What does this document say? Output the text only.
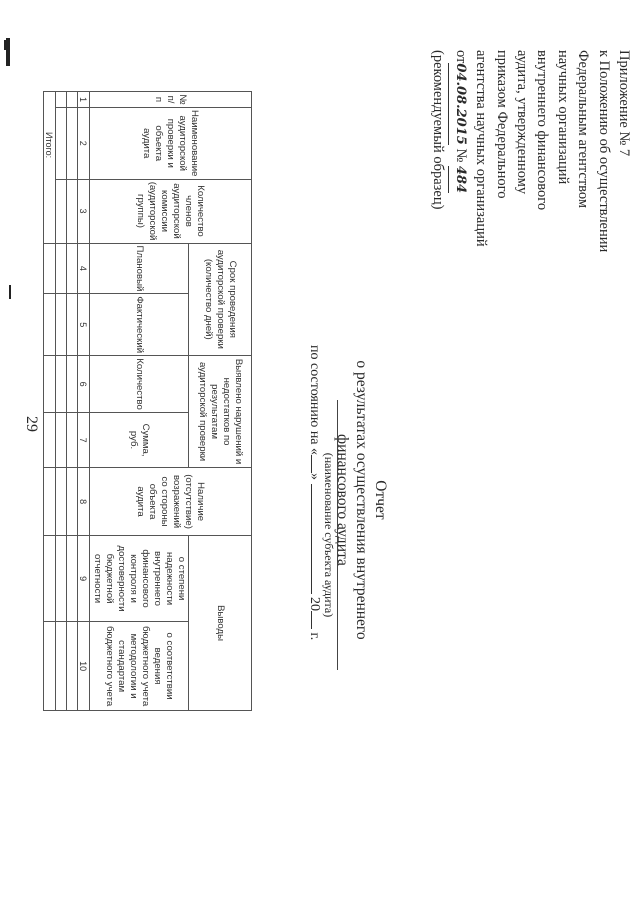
29
Приложение № 7
к Положению об осуществлении
Федеральным агентством
научных организаций
внутреннего финансового
аудита, утвержденному
приказом Федерального
агентства научных организаций
от04.08.2015 № 484
(рекомендуемый образец)
Отчет
о результатах осуществления внутреннего
финансового аудита
(наименование субъекта аудита)
по состоянию на «»  20 г.
№ п/п	Наименование аудиторской проверки и объекта аудита	Количество членов аудиторской комиссии (аудиторской группы)	Срок проведения аудиторской проверки (количество дней)		Выявлено нарушений и недостатков по результатам аудиторской проверки		Наличие (отсутствие) возражений со стороны объекта аудита	Выводы	
			Плановый	Фактический	Количество	Сумма, руб.		о степени надежности внутреннего финансового контроля и достоверности бюджетной отчетности	о соответствии ведения бюджетного учета методологии и стандартам бюджетного учета
1	2	3	4	5	6	7	8	9	10

Итого:									
